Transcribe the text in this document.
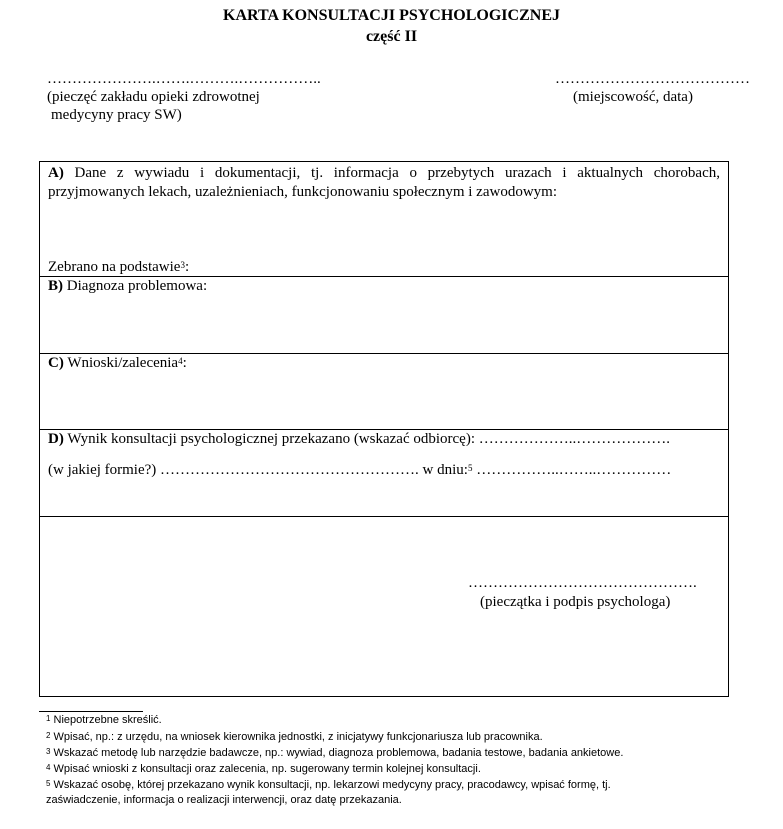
KARTA KONSULTACJI PSYCHOLOGICZNEJ
część II
………………….…….……….……………..
(pieczęć zakładu opieki zdrowotnej
medycyny pracy SW)
…………………………………
(miejscowość, data)
A) Dane z wywiadu i dokumentacji, tj. informacja o przebytych urazach i aktualnych chorobach, przyjmowanych lekach, uzależnieniach, funkcjonowaniu społecznym i zawodowym:
Zebrano na podstawie$^3$:
B) Diagnoza problemowa:
C) Wnioski/zalecenia$^4$:
D) Wynik konsultacji psychologicznej przekazano (wskazać odbiorcę): ………………..……………….
(w jakiej formie?) ……………………………………………. w dniu:$^5$ ……………..……..……………
……………………………………….
(pieczątka i podpis psychologa)
$^1$ Niepotrzebne skreślić.
$^2$ Wpisać, np.: z urzędu, na wniosek kierownika jednostki, z inicjatywy funkcjonariusza lub pracownika.
$^3$ Wskazać metodę lub narzędzie badawcze, np.: wywiad, diagnoza problemowa, badania testowe, badania ankietowe.
$^4$ Wpisać wnioski z konsultacji oraz zalecenia, np. sugerowany termin kolejnej konsultacji.
$^5$ Wskazać osobę, której przekazano wynik konsultacji, np. lekarzowi medycyny pracy, pracodawcy, wpisać formę, tj.
zaświadczenie, informacja o realizacji interwencji, oraz datę przekazania.
